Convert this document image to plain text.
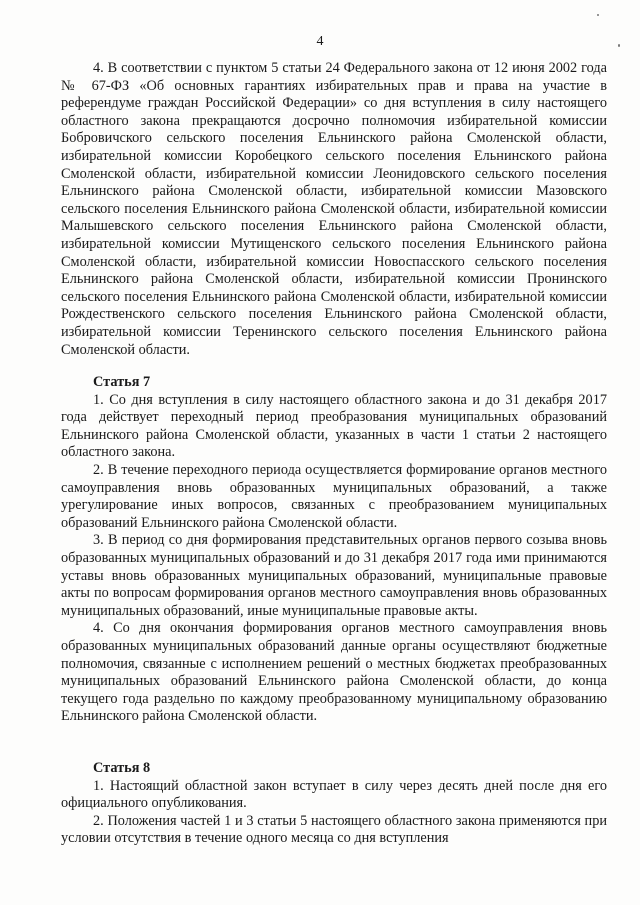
4

4. В соответствии с пунктом 5 статьи 24 Федерального закона от 12 июня 2002 года № 67-ФЗ «Об основных гарантиях избирательных прав и права на участие в референдуме граждан Российской Федерации» со дня вступления в силу настоящего областного закона прекращаются досрочно полномочия избирательной комиссии Бобровичского сельского поселения Ельнинского района Смоленской области, избирательной комиссии Коробецкого сельского поселения Ельнинского района Смоленской области, избирательной комиссии Леонидовского сельского поселения Ельнинского района Смоленской области, избирательной комиссии Мазовского сельского поселения Ельнинского района Смоленской области, избирательной комиссии Малышевского сельского поселения Ельнинского района Смоленской области, избирательной комиссии Мутищенского сельского поселения Ельнинского района Смоленской области, избирательной комиссии Новоспасского сельского поселения Ельнинского района Смоленской области, избирательной комиссии Пронинского сельского поселения Ельнинского района Смоленской области, избирательной комиссии Рождественского сельского поселения Ельнинского района Смоленской области, избирательной комиссии Теренинского сельского поселения Ельнинского района Смоленской области.

Статья 7

1. Со дня вступления в силу настоящего областного закона и до 31 декабря 2017 года действует переходный период преобразования муниципальных образований Ельнинского района Смоленской области, указанных в части 1 статьи 2 настоящего областного закона.

2. В течение переходного периода осуществляется формирование органов местного самоуправления вновь образованных муниципальных образований, а также урегулирование иных вопросов, связанных с преобразованием муниципальных образований Ельнинского района Смоленской области.

3. В период со дня формирования представительных органов первого созыва вновь образованных муниципальных образований и до 31 декабря 2017 года ими принимаются уставы вновь образованных муниципальных образований, муниципальные правовые акты по вопросам формирования органов местного самоуправления вновь образованных муниципальных образований, иные муниципальные правовые акты.

4. Со дня окончания формирования органов местного самоуправления вновь образованных муниципальных образований данные органы осуществляют бюджетные полномочия, связанные с исполнением решений о местных бюджетах преобразованных муниципальных образований Ельнинского района Смоленской области, до конца текущего года раздельно по каждому преобразованному муниципальному образованию Ельнинского района Смоленской области.

Статья 8

1. Настоящий областной закон вступает в силу через десять дней после дня его официального опубликования.

2. Положения частей 1 и 3 статьи 5 настоящего областного закона применяются при условии отсутствия в течение одного месяца со дня вступления
